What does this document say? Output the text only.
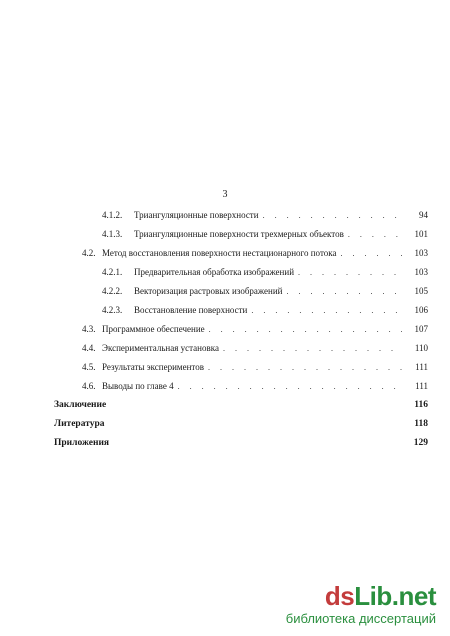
3
4.1.2.	Триангуляционные поверхности . . .	94
4.1.3.	Триангуляционные поверхности трехмерных объектов . . .	101
4.2. Метод восстановления поверхности нестационарного потока . . .	103
4.2.1.	Предварительная обработка изображений . . .	103
4.2.2.	Векторизация растровых изображений . . .	105
4.2.3.	Восстановление поверхности . . .	106
4.3. Программное обеспечение . . .	107
4.4. Экспериментальная установка . . .	110
4.5. Результаты экспериментов . . .	111
4.6. Выводы по главе 4 . . .	111
Заключение	116
Литература	118
Приложения	129
dsLib.net
библиотека диссертаций
